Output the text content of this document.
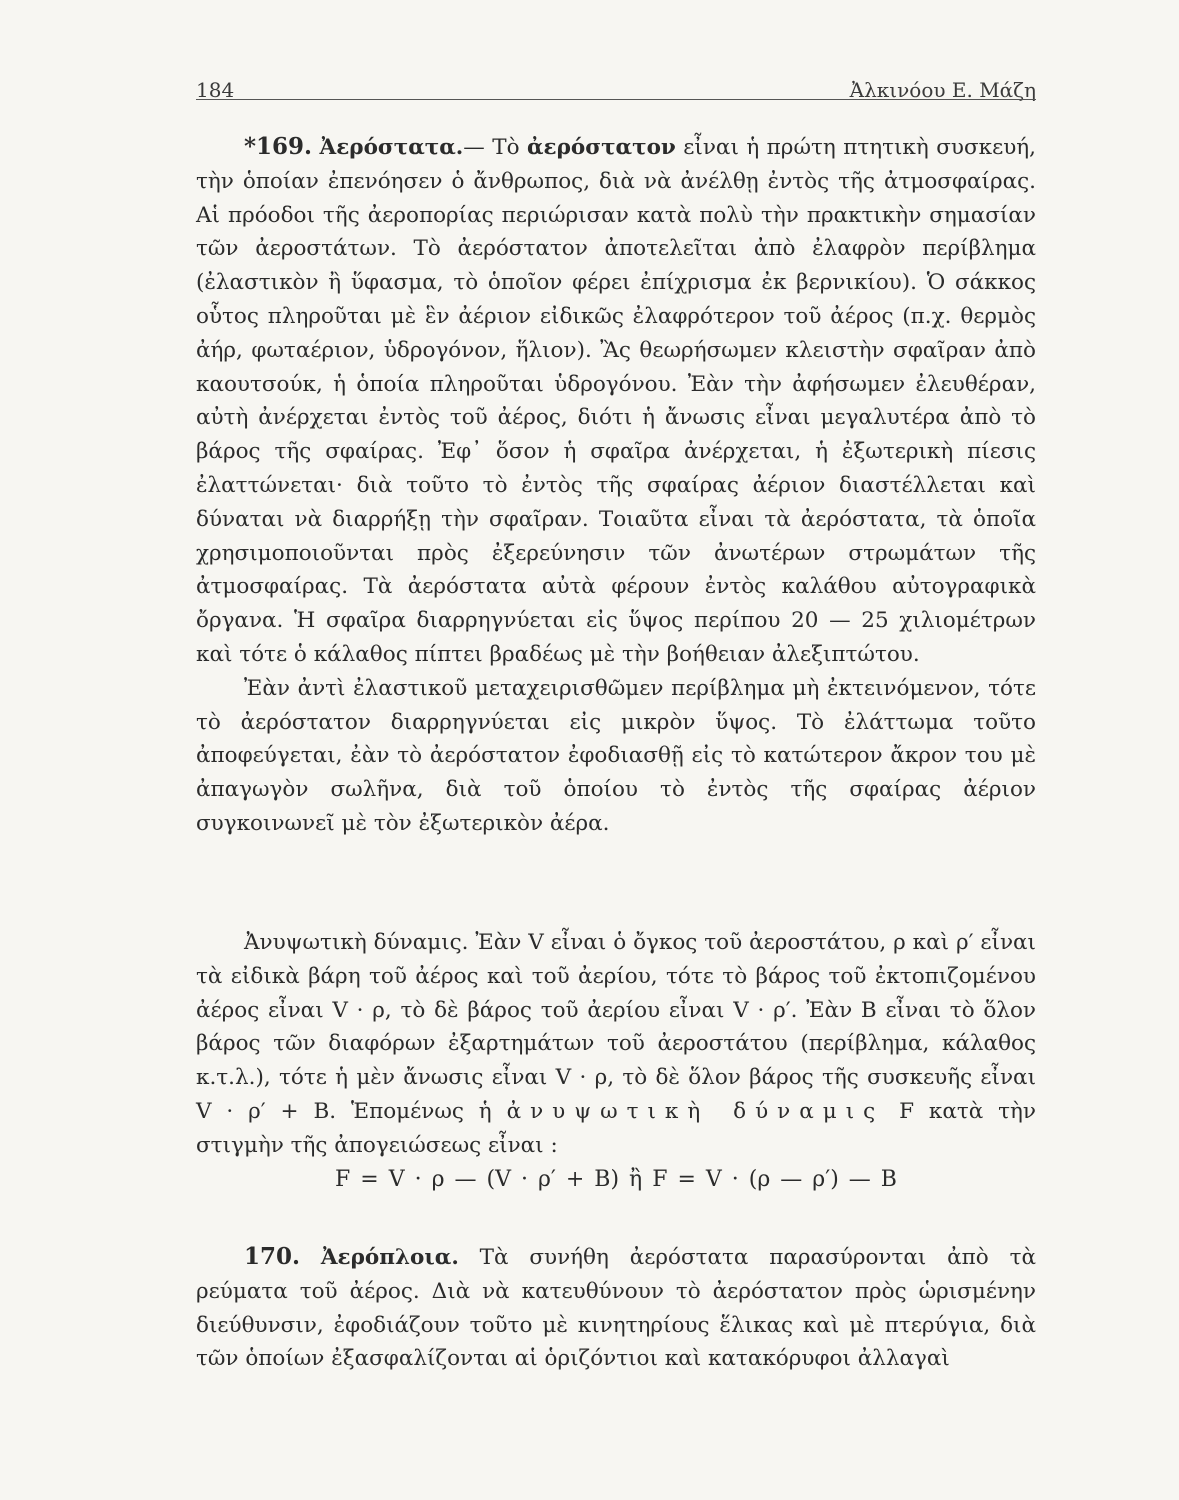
184	Ἀλκινόου Ε. Μάζη

*169. Ἀερόστατα.— Τὸ ἀερόστατον εἶναι ἡ πρώτη πτητικὴ συσκευή, τὴν ὁποίαν ἐπενόησεν ὁ ἄνθρωπος, διὰ νὰ ἀνέλθῃ ἐντὸς τῆς ἀτμοσφαίρας. Αἱ πρόοδοι τῆς ἀεροπορίας περιώρισαν κατὰ πολὺ τὴν πρακτικὴν σημασίαν τῶν ἀεροστάτων. Τὸ ἀερόστατον ἀποτελεῖται ἀπὸ ἐλαφρὸν περίβλημα (ἐλαστικὸν ἢ ὕφασμα, τὸ ὁποῖον φέρει ἐπίχρισμα ἐκ βερνικίου). Ὁ σάκκος οὗτος πληροῦται μὲ ἓν ἀέριον εἰδικῶς ἐλαφρότερον τοῦ ἀέρος (π.χ. θερμὸς ἀήρ, φωταέριον, ὑδρογόνον, ἥλιον). Ἂς θεωρήσωμεν κλειστὴν σφαῖραν ἀπὸ καουτσούκ, ἡ ὁποία πληροῦται ὑδρογόνου. Ἐὰν τὴν ἀφήσωμεν ἐλευθέραν, αὐτὴ ἀνέρχεται ἐντὸς τοῦ ἀέρος, διότι ἡ ἄνωσις εἶναι μεγαλυτέρα ἀπὸ τὸ βάρος τῆς σφαίρας. Ἐφ᾽ ὅσον ἡ σφαῖρα ἀνέρχεται, ἡ ἐξωτερικὴ πίεσις ἐλαττώνεται· διὰ τοῦτο τὸ ἐντὸς τῆς σφαίρας ἀέριον διαστέλλεται καὶ δύναται νὰ διαρρήξῃ τὴν σφαῖραν. Τοιαῦτα εἶναι τὰ ἀερόστατα, τὰ ὁποῖα χρησιμοποιοῦνται πρὸς ἐξερεύνησιν τῶν ἀνωτέρων στρωμάτων τῆς ἀτμοσφαίρας. Τὰ ἀερόστατα αὐτὰ φέρουν ἐντὸς καλάθου αὐτογραφικὰ ὄργανα. Ἡ σφαῖρα διαρρηγνύεται εἰς ὕψος περίπου 20 — 25 χιλιομέτρων καὶ τότε ὁ κάλαθος πίπτει βραδέως μὲ τὴν βοήθειαν ἀλεξιπτώτου.

Ἐὰν ἀντὶ ἐλαστικοῦ μεταχειρισθῶμεν περίβλημα μὴ ἐκτεινόμενον, τότε τὸ ἀερόστατον διαρρηγνύεται εἰς μικρὸν ὕψος. Τὸ ἐλάττωμα τοῦτο ἀποφεύγεται, ἐὰν τὸ ἀερόστατον ἐφοδιασθῇ εἰς τὸ κατώτερον ἄκρον του μὲ ἀπαγωγὸν σωλῆνα, διὰ τοῦ ὁποίου τὸ ἐντὸς τῆς σφαίρας ἀέριον συγκοινωνεῖ μὲ τὸν ἐξωτερικὸν ἀέρα.

Ἀνυψωτικὴ δύναμις. Ἐὰν V εἶναι ὁ ὄγκος τοῦ ἀεροστάτου, ρ καὶ ρ′ εἶναι τὰ εἰδικὰ βάρη τοῦ ἀέρος καὶ τοῦ ἀερίου, τότε τὸ βάρος τοῦ ἐκτοπιζομένου ἀέρος εἶναι V · ρ, τὸ δὲ βάρος τοῦ ἀερίου εἶναι V · ρ′. Ἐὰν Β εἶναι τὸ ὅλον βάρος τῶν διαφόρων ἐξαρτημάτων τοῦ ἀεροστάτου (περίβλημα, κάλαθος κ.τ.λ.), τότε ἡ μὲν ἄνωσις εἶναι V · ρ, τὸ δὲ ὅλον βάρος τῆς συσκευῆς εἶναι V · ρ′ + Β. Ἑπομένως ἡ ἀνυψωτικὴ δύναμις F κατὰ τὴν στιγμὴν τῆς ἀπογειώσεως εἶναι :

F = V · ρ — (V · ρ′ + B) ἢ F = V · (ρ — ρ′) — B

170. Ἀερόπλοια. Τὰ συνήθη ἀερόστατα παρασύρονται ἀπὸ τὰ ρεύματα τοῦ ἀέρος. Διὰ νὰ κατευθύνουν τὸ ἀερόστατον πρὸς ὡρισμένην διεύθυνσιν, ἐφοδιάζουν τοῦτο μὲ κινητηρίους ἕλικας καὶ μὲ πτερύγια, διὰ τῶν ὁποίων ἐξασφαλίζονται αἱ ὁριζόντιοι καὶ κατακόρυφοι ἀλλαγαὶ
